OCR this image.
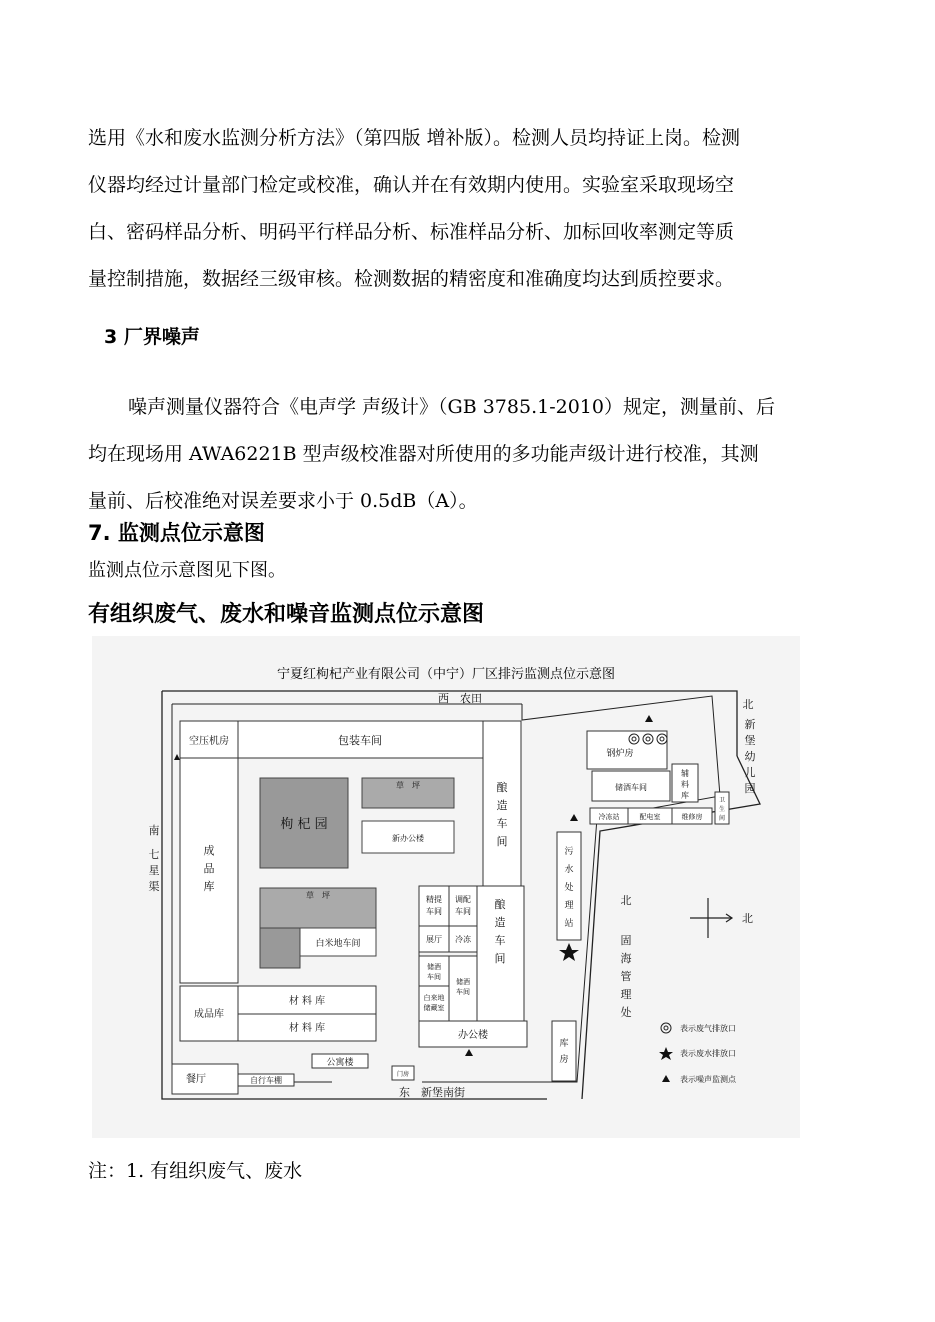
选用《水和废水监测分析方法》（第四版 增补版）。检测人员均持证上岗。检测
仪器均经过计量部门检定或校准，确认并在有效期内使用。实验室采取现场空
白、密码样品分析、明码平行样品分析、标准样品分析、加标回收率测定等质
量控制措施，数据经三级审核。检测数据的精密度和准确度均达到质控要求。
3 厂界噪声
噪声测量仪器符合《电声学 声级计》（GB 3785.1-2010）规定，测量前、后
均在现场用 AWA6221B 型声级校准器对所使用的多功能声级计进行校准，其测
量前、后校准绝对误差要求小于 0.5dB（A）。
7. 监测点位示意图
监测点位示意图见下图。
有组织废气、废水和噪音监测点位示意图
宁夏红枸杞产业有限公司（中宁）厂区排污监测点位示意图
西　农田
东　新堡南街
南
七
星
渠
北
新
堡
幼
儿
园
空压机房	包装车间
成
品
库
枸 杞 园
草　坪
新办公楼
草　坪
白米地车间
成品库
材 料 库
材 料 库
餐厅	自行车棚
公寓楼
门房
酿
造
车
间
精提
车间
调配
车间
展厅 冷冻
储酒
车间
白来地
储藏室
储酒
车间
酿
造
车
间
办公楼
污
水
处
理
站
库
房
钢炉房
储酒车间
辅
料
库
卫
生
间
冷冻站	配电室	维修房
北
固
海
管
理
处
北
表示废气排放口
表示废水排放口
表示噪声监测点
注：1. 有组织废气、废水
